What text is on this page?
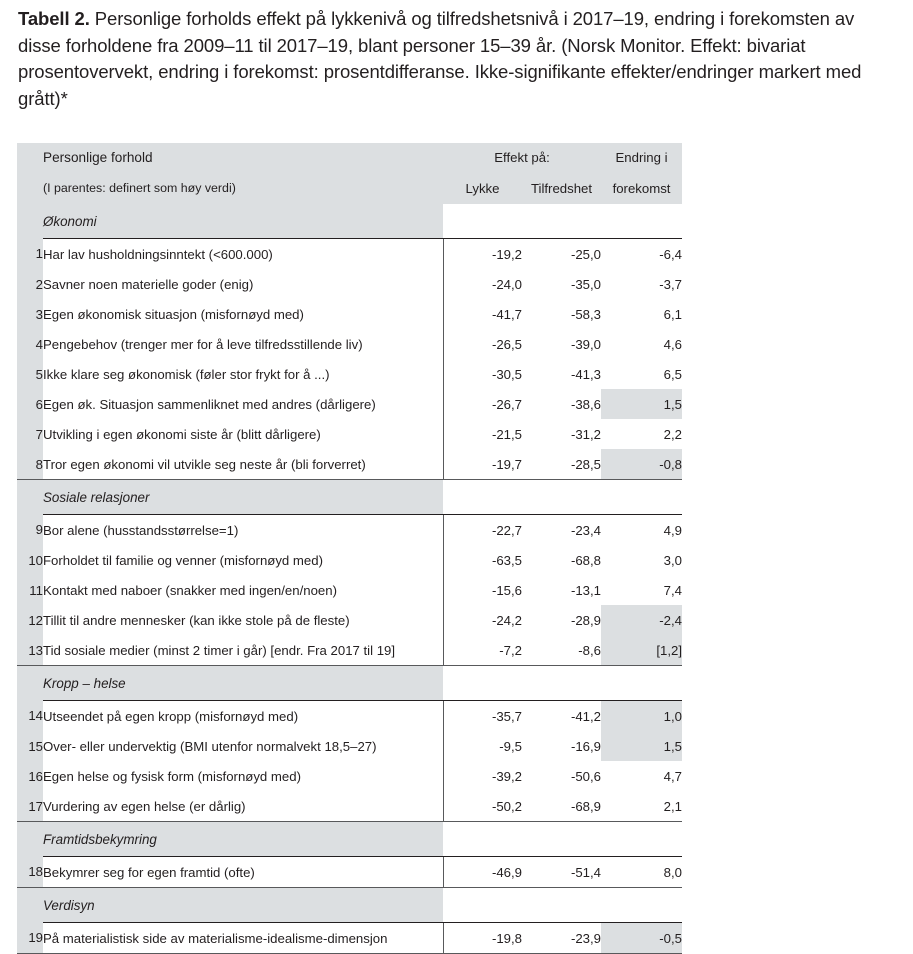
Tabell 2. Personlige forholds effekt på lykkenivå og tilfredshetsnivå i 2017–19, endring i forekomsten av disse forholdene fra 2009–11 til 2017–19, blant personer 15–39 år. (Norsk Monitor. Effekt: bivariat prosentovervekt, endring i forekomst: prosentdifferanse. Ikke-signifikante effekter/endringer markert med grått)*
	Personlige forhold	Effekt på:		Endring i
	(I parentes: definert som høy verdi)	Lykke	Tilfredshet	forekomst
	Økonomi			
1	Har lav husholdningsinntekt (<600.000)	-19,2	-25,0	-6,4
2	Savner noen materielle goder (enig)	-24,0	-35,0	-3,7
3	Egen økonomisk situasjon (misfornøyd med)	-41,7	-58,3	6,1
4	Pengebehov (trenger mer for å leve tilfredsstillende liv)	-26,5	-39,0	4,6
5	Ikke klare seg økonomisk (føler stor frykt for å ...)	-30,5	-41,3	6,5
6	Egen øk. Situasjon sammenliknet med andres (dårligere)	-26,7	-38,6	1,5
7	Utvikling i egen økonomi siste år (blitt dårligere)	-21,5	-31,2	2,2
8	Tror egen økonomi vil utvikle seg neste år (bli forverret)	-19,7	-28,5	-0,8
	Sosiale relasjoner			
9	Bor alene (husstandsstørrelse=1)	-22,7	-23,4	4,9
10	Forholdet til familie og venner (misfornøyd med)	-63,5	-68,8	3,0
11	Kontakt med naboer (snakker med ingen/en/noen)	-15,6	-13,1	7,4
12	Tillit til andre mennesker (kan ikke stole på de fleste)	-24,2	-28,9	-2,4
13	Tid sosiale medier (minst 2 timer i går) [endr. Fra 2017 til 19]	-7,2	-8,6	[1,2]
	Kropp – helse			
14	Utseendet på egen kropp (misfornøyd med)	-35,7	-41,2	1,0
15	Over- eller undervektig (BMI utenfor normalvekt 18,5–27)	-9,5	-16,9	1,5
16	Egen helse og fysisk form (misfornøyd med)	-39,2	-50,6	4,7
17	Vurdering av egen helse (er dårlig)	-50,2	-68,9	2,1
	Framtidsbekymring			
18	Bekymrer seg for egen framtid (ofte)	-46,9	-51,4	8,0
	Verdisyn			
19	På materialistisk side av materialisme-idealisme-dimensjon	-19,8	-23,9	-0,5
